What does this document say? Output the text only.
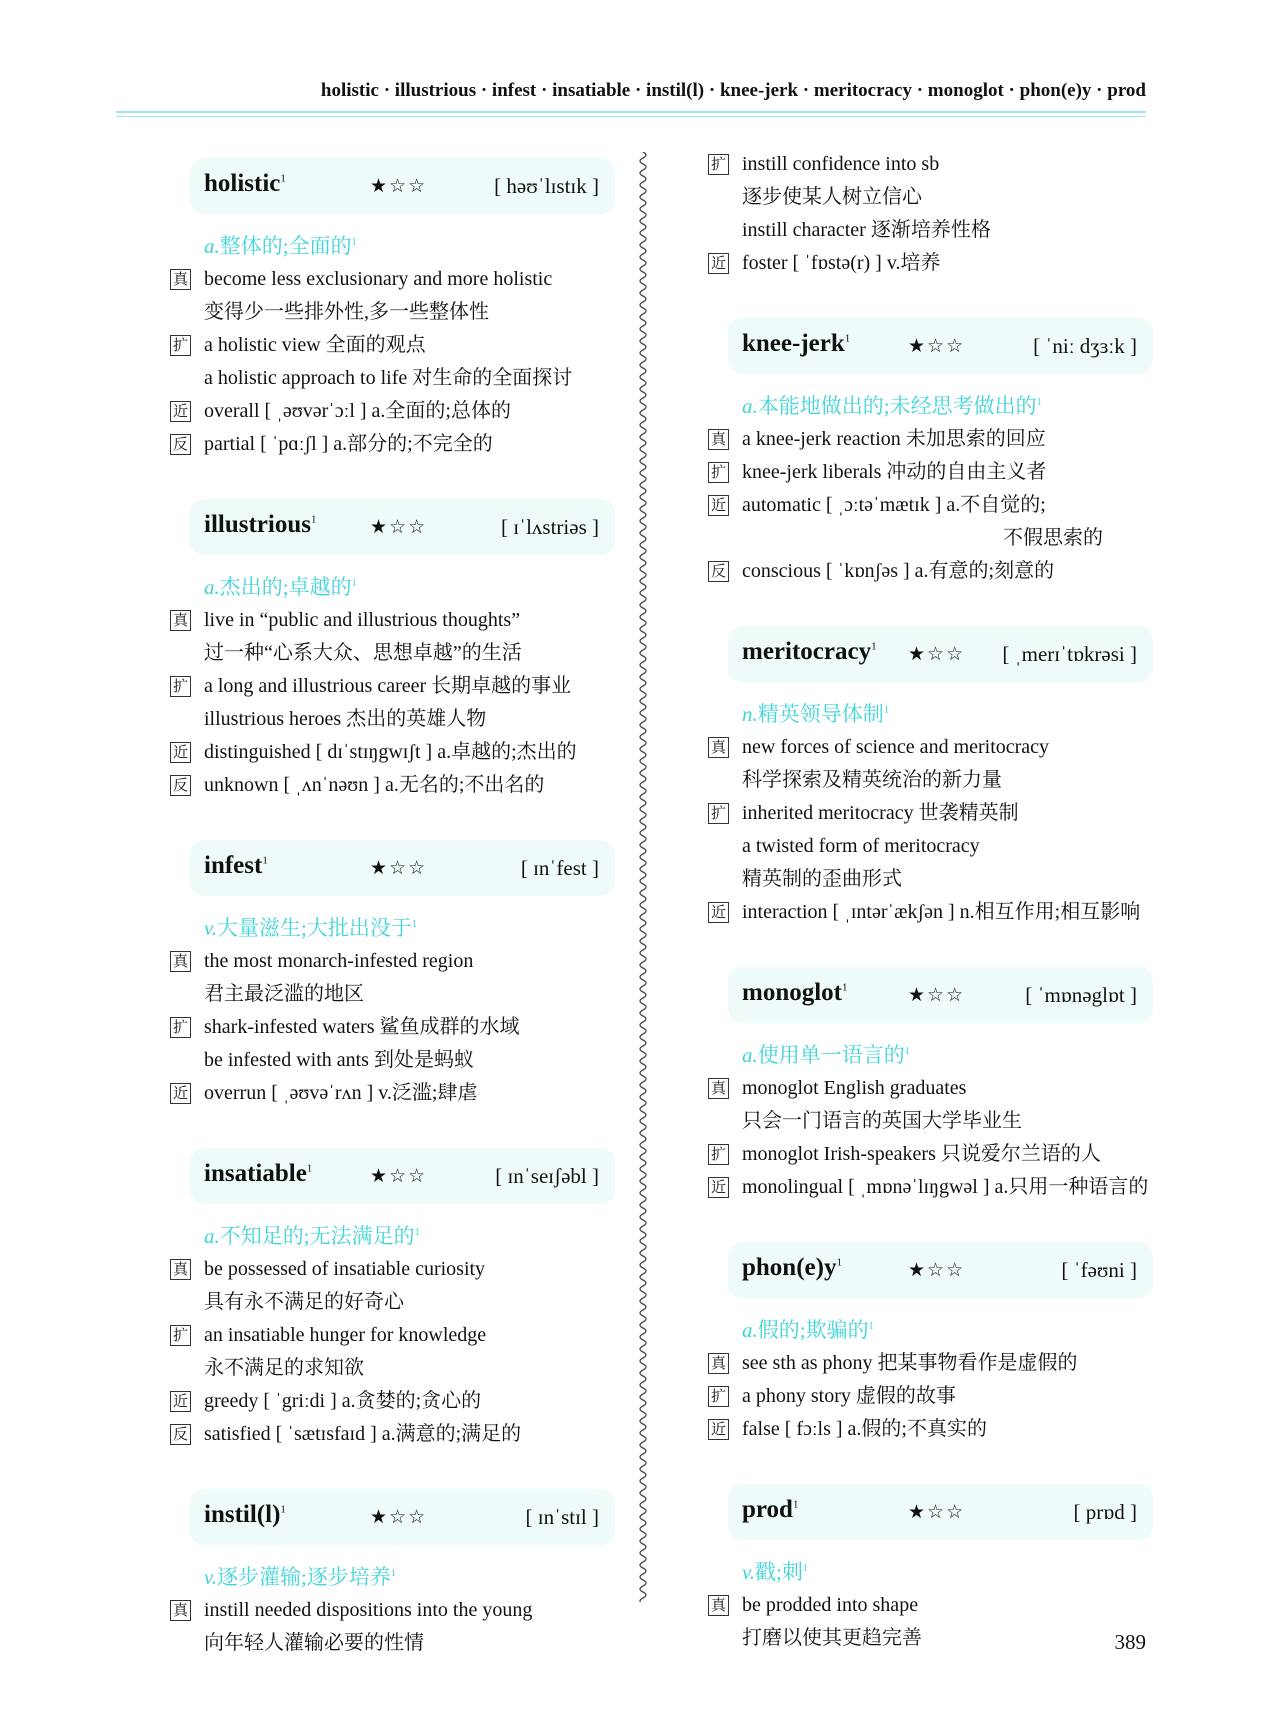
holistic · illustrious · infest · insatiable · instil(l) · knee-jerk · meritocracy · monoglot · phon(e)y · prod
holistic$^1$	★☆☆	[ həʊˈlɪstɪk ]
a.整体的;全面的$^1$
真 become less exclusionary and more holistic
变得少一些排外性,多一些整体性
扩 a holistic view 全面的观点
a holistic approach to life 对生命的全面探讨
近 overall [ ˌəʊvərˈɔːl ] a.全面的;总体的
反 partial [ ˈpɑːʃl ] a.部分的;不完全的
illustrious$^1$	★☆☆	[ ɪˈlʌstriəs ]
a.杰出的;卓越的$^1$
真 live in “public and illustrious thoughts”
过一种“心系大众、思想卓越”的生活
扩 a long and illustrious career 长期卓越的事业
illustrious heroes 杰出的英雄人物
近 distinguished [ dɪˈstɪŋgwɪʃt ] a.卓越的;杰出的
反 unknown [ ˌʌnˈnəʊn ] a.无名的;不出名的
infest$^1$	★☆☆	[ ɪnˈfest ]
v.大量滋生;大批出没于$^1$
真 the most monarch-infested region
君主最泛滥的地区
扩 shark-infested waters 鲨鱼成群的水域
be infested with ants 到处是蚂蚁
近 overrun [ ˌəʊvəˈrʌn ] v.泛滥;肆虐
insatiable$^1$	★☆☆	[ ɪnˈseɪʃəbl ]
a.不知足的;无法满足的$^1$
真 be possessed of insatiable curiosity
具有永不满足的好奇心
扩 an insatiable hunger for knowledge
永不满足的求知欲
近 greedy [ ˈgriːdi ] a.贪婪的;贪心的
反 satisfied [ ˈsætɪsfaɪd ] a.满意的;满足的
$instil(l)^1$	★☆☆	[ ɪnˈstɪl ]
v.逐步灌输;逐步培养$^1$
真 instill needed dispositions into the young
向年轻人灌输必要的性情
扩 instill confidence into sb
逐步使某人树立信心
instill character 逐渐培养性格
近 foster [ ˈfɒstə(r) ] v.培养
knee-jerk$^1$	★☆☆	[ ˈniː dʒɜːk ]
a.本能地做出的;未经思考做出的$^1$
真 a knee-jerk reaction 未加思索的回应
扩 knee-jerk liberals 冲动的自由主义者
近 automatic [ ˌɔːtəˈmætɪk ] a.不自觉的;
不假思索的
反 conscious [ ˈkɒnʃəs ] a.有意的;刻意的
meritocracy$^1$ ★☆☆ [ ˌmerɪˈtɒkrəsi ]
n.精英领导体制$^1$
真 new forces of science and meritocracy
科学探索及精英统治的新力量
扩 inherited meritocracy 世袭精英制
a twisted form of meritocracy
精英制的歪曲形式
近 interaction [ ˌɪntərˈækʃən ] n.相互作用;相互影响
monoglot$^1$	★☆☆	[ ˈmɒnəglɒt ]
a.使用单一语言的$^1$
真 monoglot English graduates
只会一门语言的英国大学毕业生
扩 monoglot Irish-speakers 只说爱尔兰语的人
近 monolingual [ ˌmɒnəˈlɪŋgwəl ] a.只用一种语言的
$phon(e)y^1$	★☆☆	[ ˈfəʊni ]
a.假的;欺骗的$^1$
真 see sth as phony 把某事物看作是虚假的
扩 a phony story 虚假的故事
近 false [ fɔːls ] a.假的;不真实的
prod$^1$	★☆☆	[ prɒd ]
v.戳;刺$^1$
真 be prodded into shape
打磨以使其更趋完善	389
